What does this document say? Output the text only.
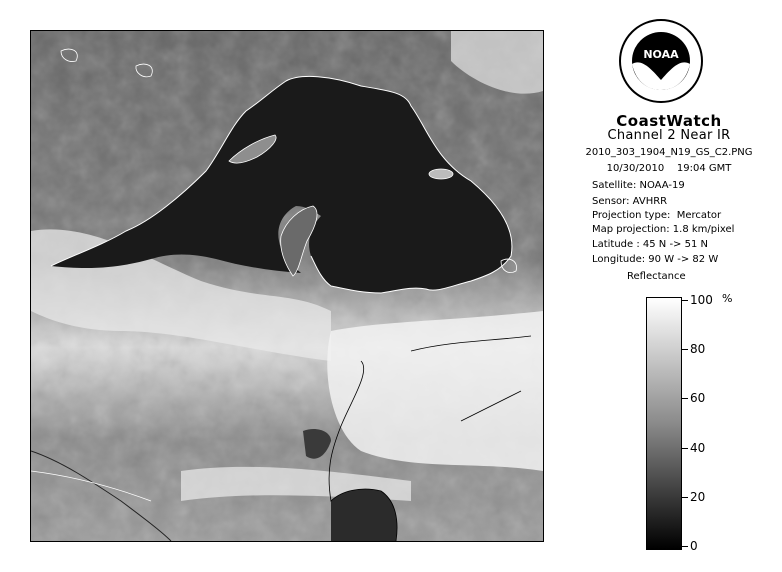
NOAA
CoastWatch
Channel 2 Near IR
2010_303_1904_N19_GS_C2.PNG
10/30/2010    19:04 GMT
Satellite: NOAA-19
Sensor: AVHRR
Projection type:  Mercator
Map projection: 1.8 km/pixel
Latitude : 45 N -> 51 N
Longitude: 90 W -> 82 W
Reflectance
%
100
80
60
40
20
0
